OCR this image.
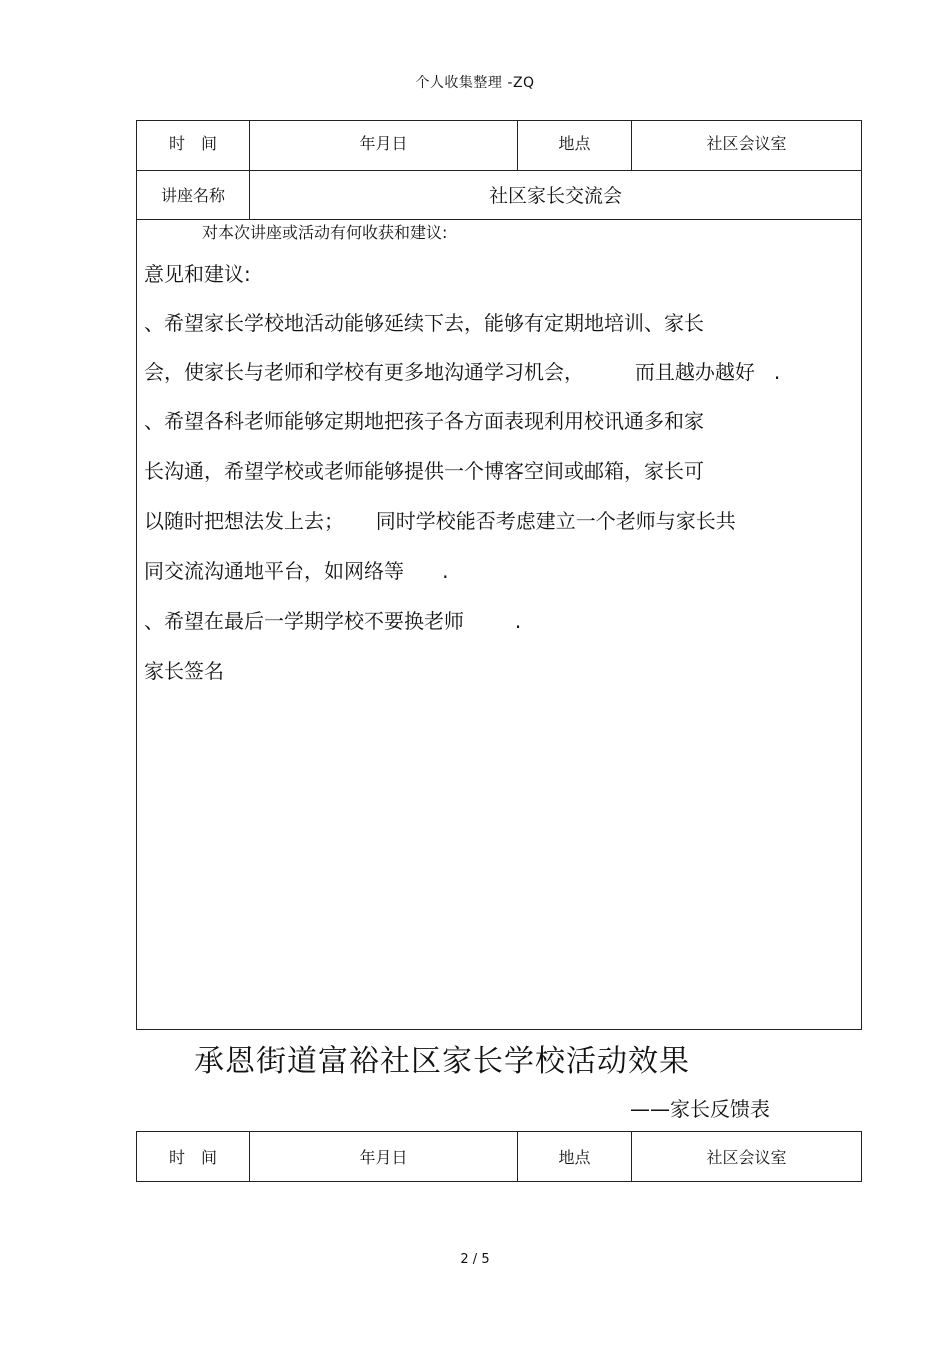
个人收集整理 -ZQ
时　间	年月日	地点	社区会议室
讲座名称	社区家长交流会
对本次讲座或活动有何收获和建议:
意见和建议:
、希望家长学校地活动能够延续下去，能够有定期地培训、家长
会，使家长与老师和学校有更多地沟通学习机会，        而且越办越好   .
、希望各科老师能够定期地把孩子各方面表现利用校讯通多和家
长沟通，希望学校或老师能够提供一个博客空间或邮箱，家长可
以随时把想法发上去；     同时学校能否考虑建立一个老师与家长共
同交流沟通地平台，如网络等      .
、希望在最后一学期学校不要换老师        .
家长签名
承恩街道富裕社区家长学校活动效果
——家长反馈表
时　间	年月日	地点	社区会议室
2 / 5
